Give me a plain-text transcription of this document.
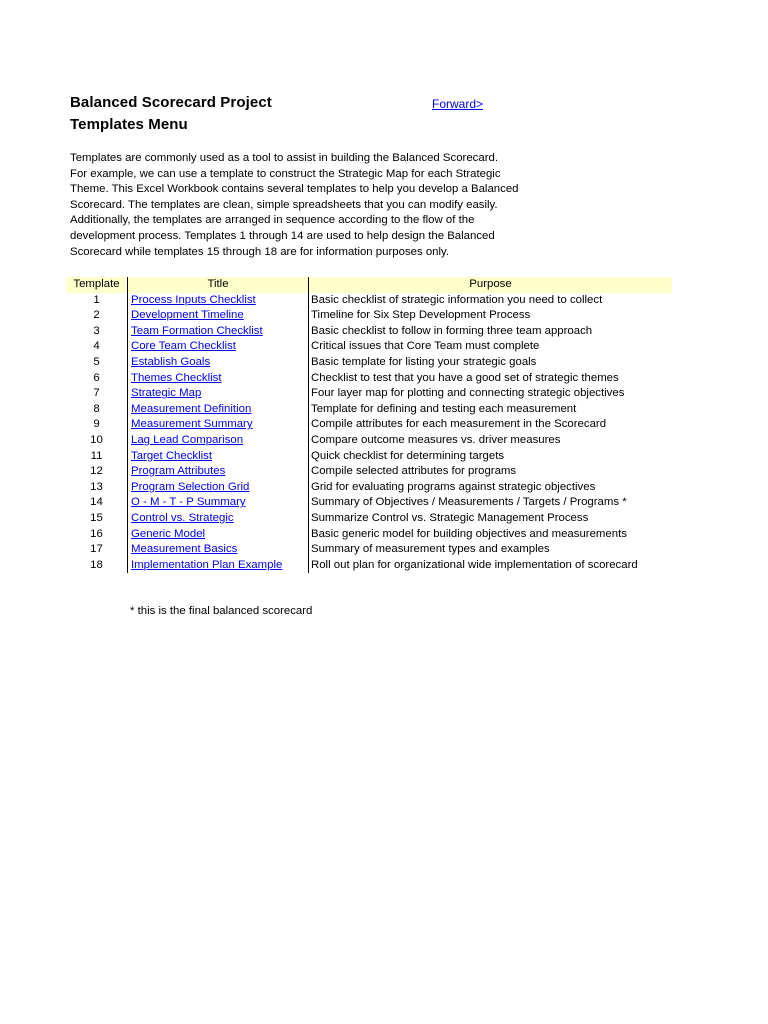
Balanced Scorecard Project
Templates Menu
Forward>
Templates are commonly used as a tool to assist in building the Balanced Scorecard.
For example, we can use a template to construct the Strategic Map for each Strategic
Theme. This Excel Workbook contains several templates to help you develop a Balanced
Scorecard. The templates are clean, simple spreadsheets that you can modify easily.
Additionally, the templates are arranged in sequence according to the flow of the
development process. Templates 1 through 14 are used to help design the Balanced
Scorecard while templates 15 through 18 are for information purposes only.
Template	Title	Purpose
1	Process Inputs Checklist	Basic checklist of strategic information you need to collect
2	Development Timeline	Timeline for Six Step Development Process
3	Team Formation Checklist	Basic checklist to follow in forming three team approach
4	Core Team Checklist	Critical issues that Core Team must complete
5	Establish Goals	Basic template for listing your strategic goals
6	Themes Checklist	Checklist to test that you have a good set of strategic themes
7	Strategic Map	Four layer map for plotting and connecting strategic objectives
8	Measurement Definition	Template for defining and testing each measurement
9	Measurement Summary	Compile attributes for each measurement in the Scorecard
10	Lag Lead Comparison	Compare outcome measures vs. driver measures
11	Target Checklist	Quick checklist for determining targets
12	Program Attributes	Compile selected attributes for programs
13	Program Selection Grid	Grid for evaluating programs against strategic objectives
14	O - M - T - P Summary	Summary of Objectives / Measurements / Targets / Programs *
15	Control vs. Strategic	Summarize Control vs. Strategic Management Process
16	Generic Model	Basic generic model for building objectives and measurements
17	Measurement Basics	Summary of measurement types and examples
18	Implementation Plan Example	Roll out plan for organizational wide implementation of scorecard
* this is the final balanced scorecard
